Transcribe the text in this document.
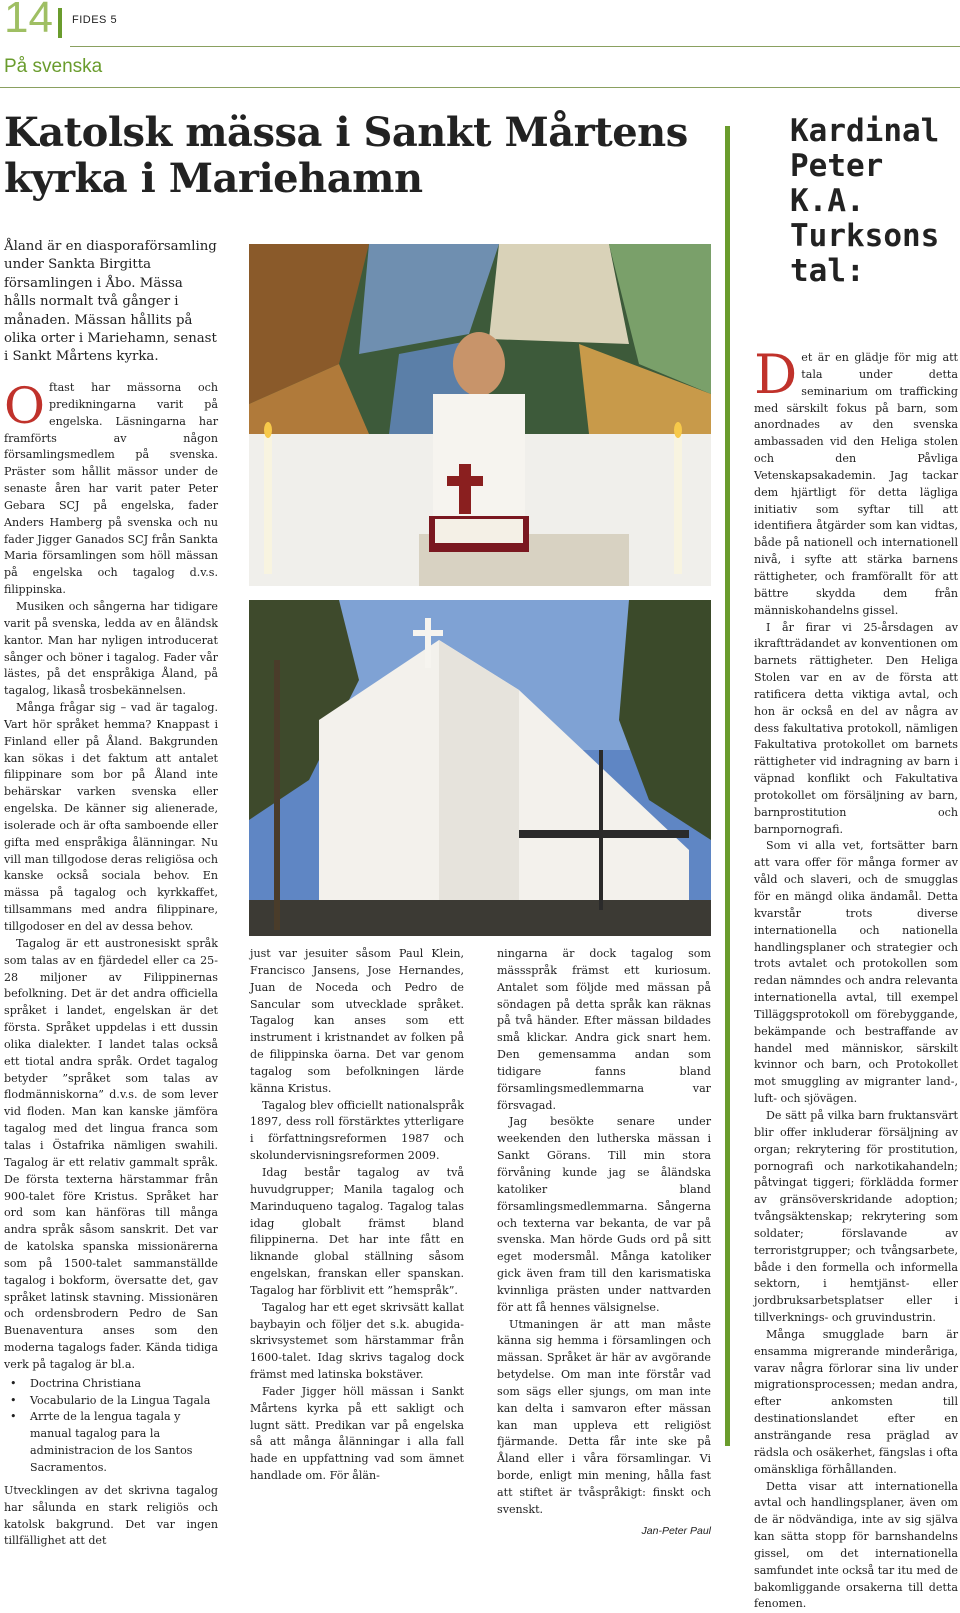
14 FIDES 5
På svenska
Katolsk mässa i Sankt Mårtens kyrka i Mariehamn
Åland är en diasporaförsamling under Sankta Birgitta församlingen i Åbo. Mässa hålls normalt två gånger i månaden. Mässan hållits på olika orter i Mariehamn, senast i Sankt Mårtens kyrka.

Oftast har mässorna och predikningarna varit på engelska. Läsningarna har framförts av någon församlingsmedlem på svenska. Präster som hållit mässor under de senaste åren har varit pater Peter Gebara SCJ på engelska, fader Anders Hamberg på svenska och nu fader Jigger Ganados SCJ från Sankta Maria församlingen som höll mässan på engelska och tagalog d.v.s. filippinska.

Musiken och sångerna har tidigare varit på svenska, ledda av en åländsk kantor. Man har nyligen introducerat sånger och böner i tagalog. Fader vår lästes, på det enspråkiga Åland, på tagalog, likaså trosbekännelsen.

Många frågar sig – vad är tagalog. Vart hör språket hemma? Knappast i Finland eller på Åland. Bakgrunden kan sökas i det faktum att antalet filippinare som bor på Åland inte behärskar varken svenska eller engelska. De känner sig alienerade, isolerade och är ofta samboende eller gifta med enspråkiga ålänningar. Nu vill man tillgodose deras religiösa och kanske också sociala behov. En mässa på tagalog och kyrkkaffet, tillsammans med andra filippinare, tillgodoser en del av dessa behov.

Tagalog är ett austronesiskt språk som talas av en fjärdedel eller ca 25-28 miljoner av Filippinernas befolkning. Det är det andra officiella språket i landet, engelskan är det första. Språket uppdelas i ett dussin olika dialekter. I landet talas också ett tiotal andra språk. Ordet tagalog betyder ”språket som talas av flodmänniskorna” d.v.s. de som lever vid floden. Man kan kanske jämföra tagalog med det lingua franca som talas i Östafrika nämligen swahili. Tagalog är ett relativ gammalt språk. De första texterna härstammar från 900-talet före Kristus. Språket har ord som kan hänföras till många andra språk såsom sanskrit. Det var de katolska spanska missionärerna som på 1500-talet sammanställde tagalog i bokform, översatte det, gav språket latinsk stavning. Missionären och ordensbrodern Pedro de San Buenaventura anses som den moderna tagalogs fader. Kända tidiga verk på tagalog är bl.a.

• Doctrina Christiana
• Vocabulario de la Lingua Tagala
• Arrte de la lengua tagala y manual tagalog para la administracion de los Santos Sacramentos.

Utvecklingen av det skrivna tagalog har sålunda en stark religiös och katolsk bakgrund. Det var ingen tillfällighet att det

just var jesuiter såsom Paul Klein, Francisco Jansens, Jose Hernandes, Juan de Noceda och Pedro de Sancular som utvecklade språket. Tagalog kan anses som ett instrument i kristnandet av folken på de filippinska öarna. Det var genom tagalog som befolkningen lärde känna Kristus.

Tagalog blev officiellt nationalspråk 1897, dess roll förstärktes ytterligare i författningsreformen 1987 och skolundervisningsreformen 2009.

Idag består tagalog av två huvudgrupper; Manila tagalog och Marinduqueno tagalog. Tagalog talas idag globalt främst bland filippinerna. Det har inte fått en liknande global ställning såsom engelskan, franskan eller spanskan. Tagalog har förblivit ett ”hemspråk”.

Tagalog har ett eget skrivsätt kallat baybayin och följer det s.k. abugida-skrivsystemet som härstammar från 1600-talet. Idag skrivs tagalog dock främst med latinska bokstäver.

Fader Jigger höll mässan i Sankt Mårtens kyrka på ett sakligt och lugnt sätt. Predikan var på engelska så att många ålänningar i alla fall hade en uppfattning vad som ämnet handlade om. För ålän-

ningarna är dock tagalog som mässspråk främst ett kuriosum. Antalet som följde med mässan på söndagen på detta språk kan räknas på två händer. Efter mässan bildades små klickar. Andra gick snart hem. Den gemensamma andan som tidigare fanns bland församlingsmedlemmarna var försvagad.

Jag besökte senare under weekenden den lutherska mässan i Sankt Görans. Till min stora förvåning kunde jag se åländska katoliker bland församlingsmedlemmarna. Sångerna och texterna var bekanta, de var på svenska. Man hörde Guds ord på sitt eget modersmål. Många katoliker gick även fram till den karismatiska kvinnliga prästen under nattvarden för att få hennes välsignelse.

Utmaningen är att man måste känna sig hemma i församlingen och mässan. Språket är här av avgörande betydelse. Om man inte förstår vad som sägs eller sjungs, om man inte kan delta i samvaron efter mässan kan man uppleva ett religiöst fjärmande. Detta får inte ske på Åland eller i våra församlingar. Vi borde, enligt min mening, hålla fast att stiftet är tvåspråkigt: finskt och svenskt.

Jan-Peter Paul
Kardinal Peter K.A. Turksons tal:

Det är en glädje för mig att tala under detta seminarium om trafficking med särskilt fokus på barn, som anordnades av den svenska ambassaden vid den Heliga stolen och den Påvliga Vetenskapsakademin. Jag tackar dem hjärtligt för detta lägliga initiativ som syftar till att identifiera åtgärder som kan vidtas, både på nationell och internationell nivå, i syfte att stärka barnens rättigheter, och framförallt för att bättre skydda dem från människohandelns gissel.

I år firar vi 25-årsdagen av ikraftträdandet av konventionen om barnets rättigheter. Den Heliga Stolen var en av de första att ratificera detta viktiga avtal, och hon är också en del av några av dess fakultativa protokoll, nämligen Fakultativa protokollet om barnets rättigheter vid indragning av barn i väpnad konflikt och Fakultativa protokollet om försäljning av barn, barnprostitution och barnpornografi.

Som vi alla vet, fortsätter barn att vara offer för många former av våld och slaveri, och de smugglas för en mängd olika ändamål. Detta kvarstår trots diverse internationella och nationella handlingsplaner och strategier och trots avtalet och protokollen som redan nämndes och andra relevanta internationella avtal, till exempel Tilläggsprotokoll om förebyggande, bekämpande och bestraffande av handel med människor, särskilt kvinnor och barn, och Protokollet mot smuggling av migranter land-, luft- och sjövägen.

De sätt på vilka barn fruktansvärt blir offer inkluderar försäljning av organ; rekrytering för prostitution, pornografi och narkotikahandeln; påtvingat tiggeri; förklädda former av gränsöverskridande adoption; tvångsäktenskap; rekrytering som soldater; förslavande av terroristgrupper; och tvångsarbete, både i den formella och informella sektorn, i hemtjänst- eller jordbruksarbetsplatser eller i tillverknings- och gruvindustrin.

Många smugglade barn är ensamma migrerande minderåriga, varav några förlorar sina liv under migrationsprocessen; medan andra, efter ankomsten till destinationslandet efter en ansträngande resa präglad av rädsla och osäkerhet, fängslas i ofta omänskliga förhållanden.

Detta visar att internationella avtal och handlingsplaner, även om de är nödvändiga, inte av sig själva kan sätta stopp för barnshandelns gissel, om det internationella samfundet inte också tar itu med de bakomliggande orsakerna till detta fenomen.
